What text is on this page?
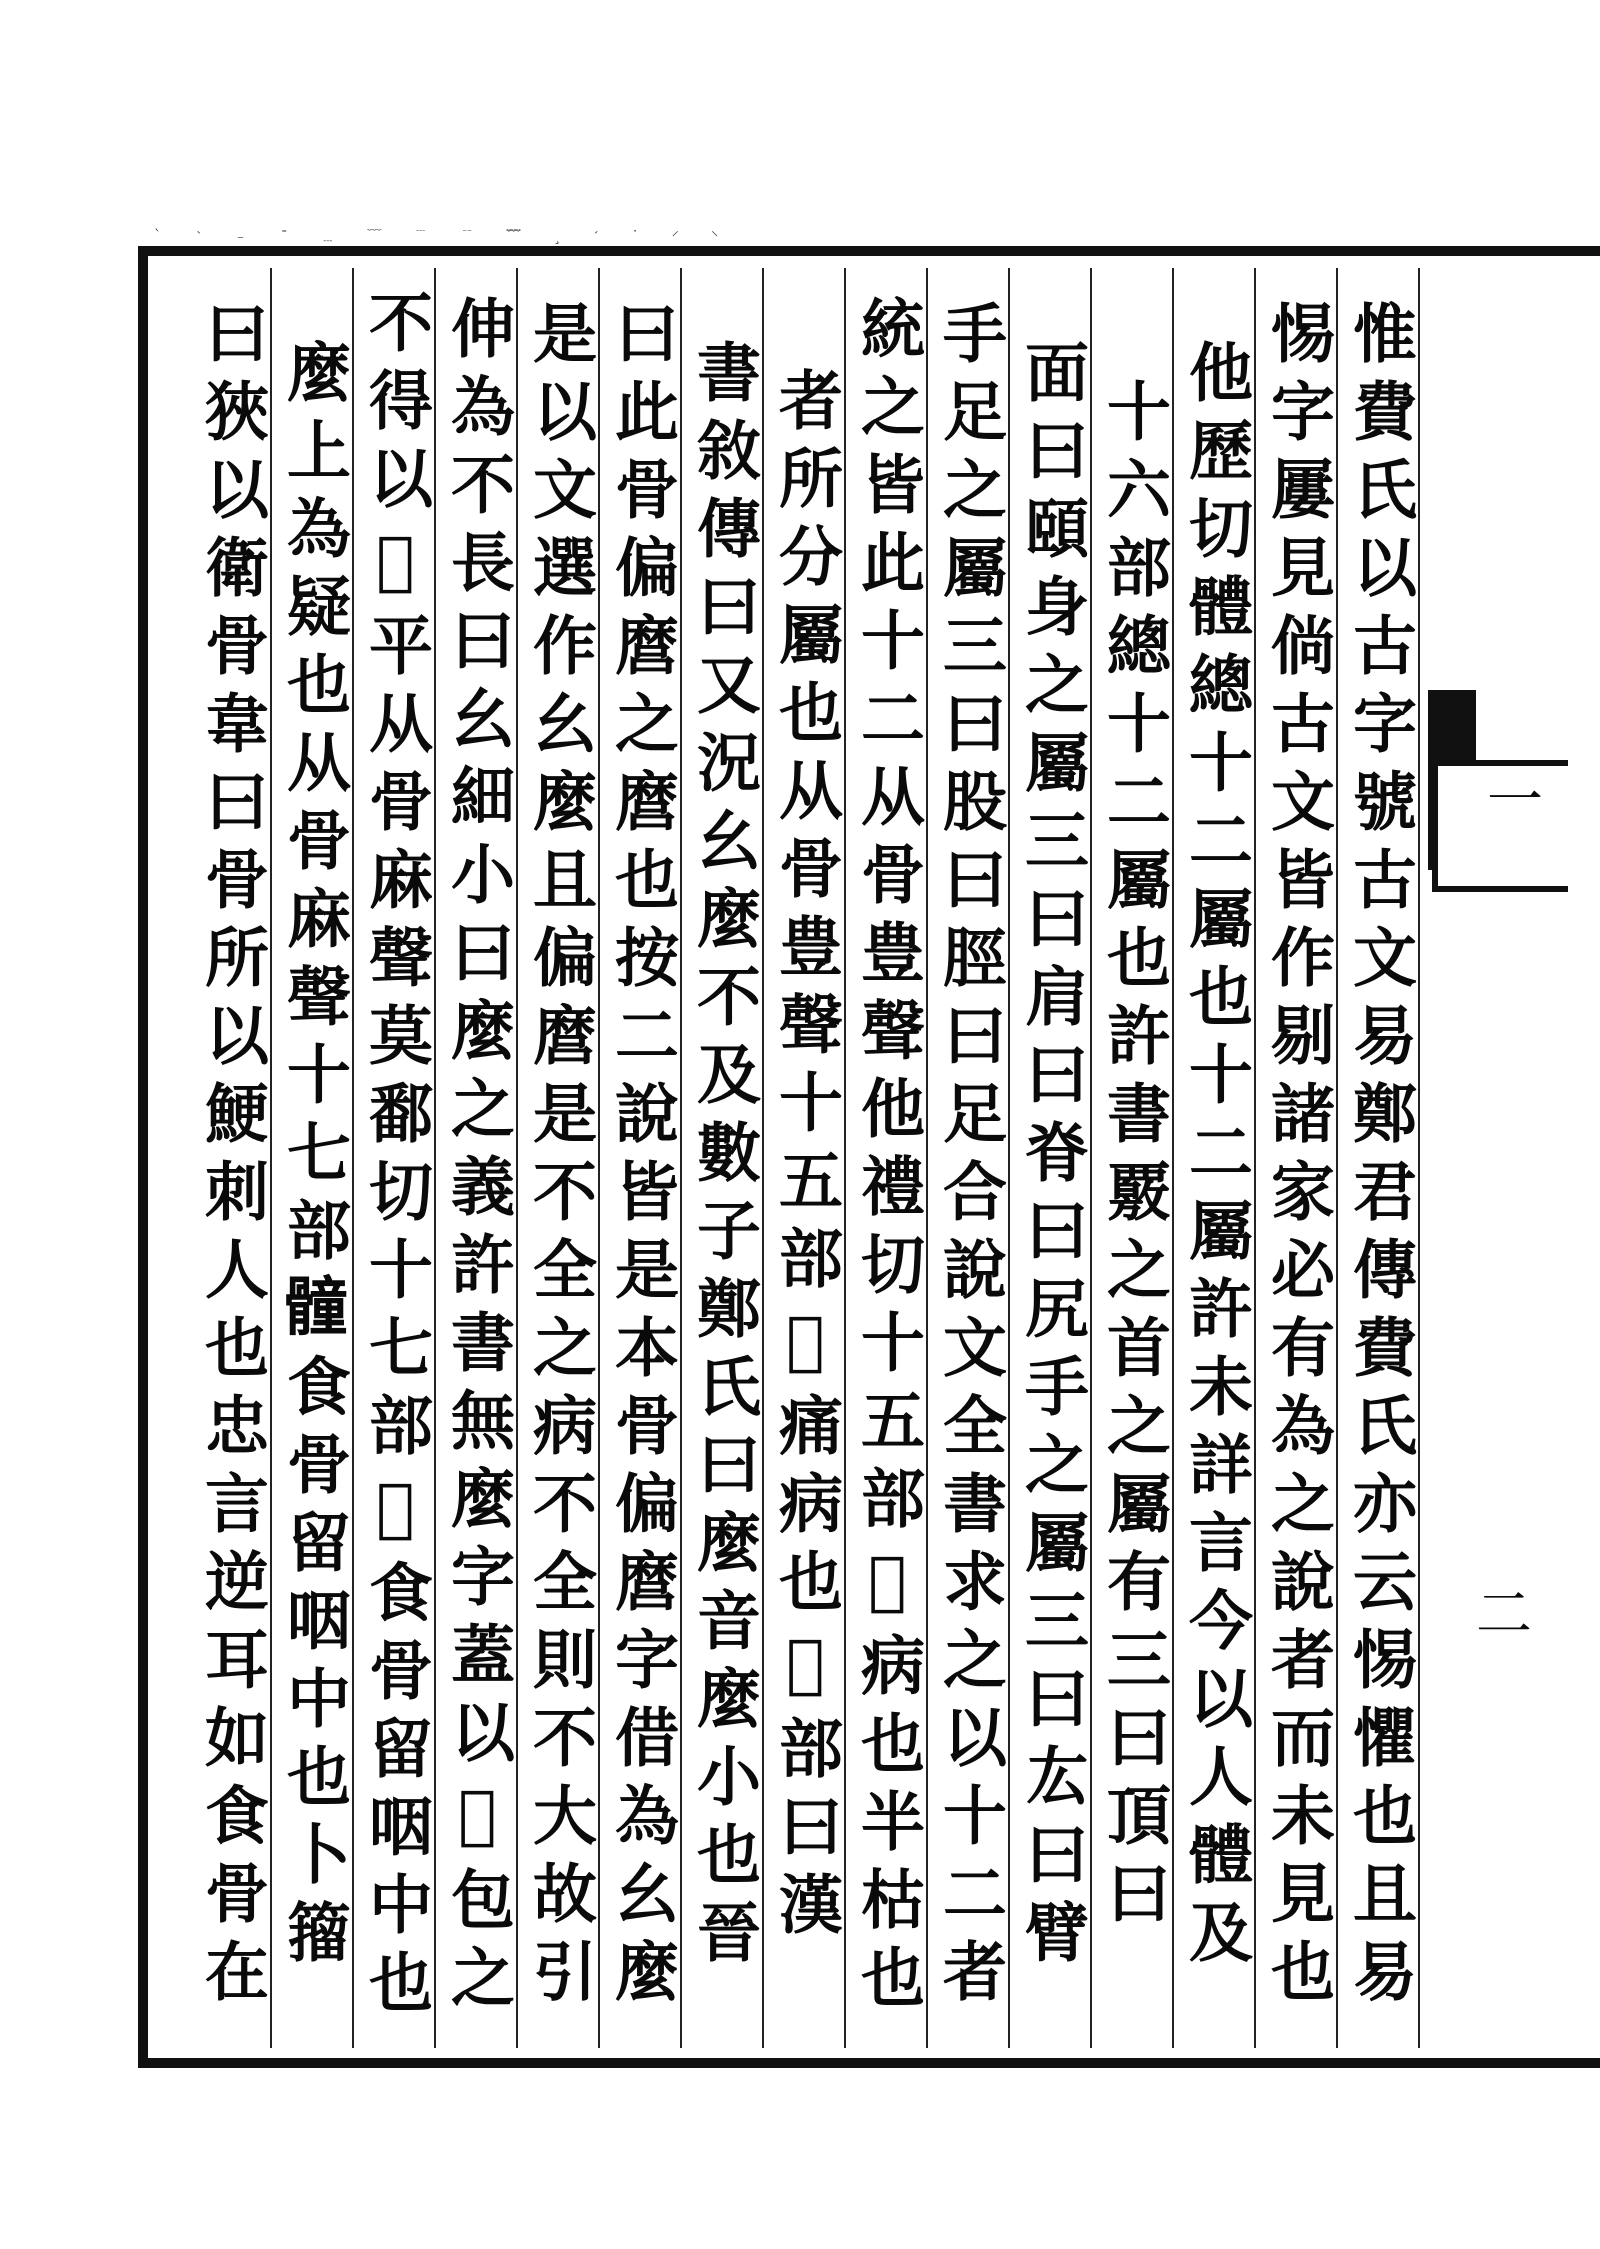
｀ ˋ ﹣ ˉ ﹍ ﹋ ﹉ ﹊ ﹌ ¸ ˊ ˙ ⸍ ⸌
惟費氏以古字號古文易鄭君傳費氏亦云惕懼也且易
惕字屢見倘古文皆作剔諸家必有為之說者而未見也
他歷切體總十二屬也十二屬許未詳言今以人體及
十六部總十二屬也許書覈之首之屬有三曰頂曰
面曰頤身之屬三曰肩曰脊曰尻手之屬三曰厷曰臂
手足之屬三曰股曰脛曰足合說文全書求之以十二者
統之皆此十二从骨豊聲他禮切十五部𩪓病也半枯也
者所分屬也从骨豊聲十五部𩪓痛病也𣏃部曰漢
書敘傳曰又況幺麼不及數子鄭氏曰麼音麼小也晉
曰此骨偏麿之麿也按二說皆是本骨偏麿字借為幺麼
是以文選作幺麼且偏麿是不全之病不全則不大故引
伸為不長曰幺細小曰麼之義許書無麼字蓋以𩪓包之
不得以𩪓平从骨麻聲莫鄱切十七部𩪘食骨留咽中也
麼上為疑也从骨麻聲十七部𩪘食骨留咽中也卜籀
曰狹以衛骨韋曰骨所以鯁刺人也忠言逆耳如食骨在	一
二
